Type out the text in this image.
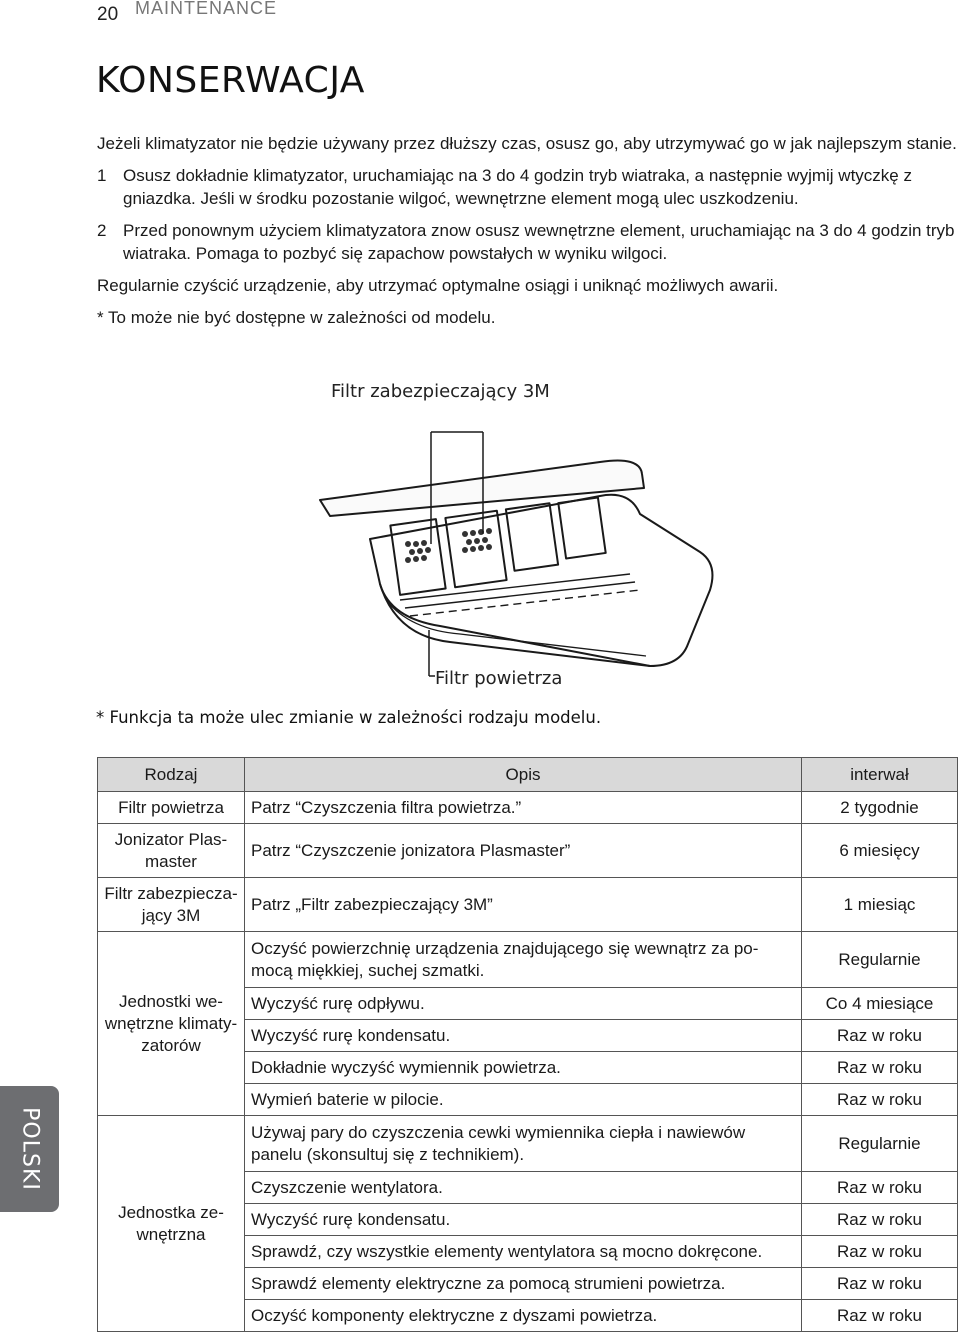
20 MAINTENANCE
KONSERWACJA

Jeżeli klimatyzator nie będzie używany przez dłuższy czas, osusz go, aby utrzymywać go w jak najlepszym stanie.

1 Osusz dokładnie klimatyzator, uruchamiając na 3 do 4 godzin tryb wiatraka, a następnie wyjmij wtyczkę z gniazdka. Jeśli w środku pozostanie wilgoć, wewnętrzne element mogą ulec uszkodzeniu.
2 Przed ponownym użyciem klimatyzatora znow osusz wewnętrzne element, uruchamiając na 3 do 4 godzin tryb wiatraka. Pomaga to pozbyć się zapachow powstałych w wyniku wilgoci.

Regularnie czyścić urządzenie, aby utrzymać optymalne osiągi i uniknąć możliwych awarii.

* To może nie być dostępne w zależności od modelu.

Filtr zabezpieczający 3M
Filtr powietrza
* Funkcja ta może ulec zmianie w zależności rodzaju modelu.
Rodzaj	Opis	interwał
Filtr powietrza	Patrz “Czyszczenia filtra powietrza.”	2 tygodnie
Jonizator Plas-master	Patrz “Czyszczenie jonizatora Plasmaster”	6 miesięcy
Filtr zabezpiecza-jący 3M	Patrz „Filtr zabezpieczający 3M”	1 miesiąc
Jednostki we-wnętrzne klimaty-zatorów	Oczyść powierzchnię urządzenia znajdującego się wewnątrz za po-mocą miękkiej, suchej szmatki.	Regularnie
	Wyczyść rurę odpływu.	Co 4 miesiące
	Wyczyść rurę kondensatu.	Raz w roku
	Dokładnie wyczyść wymiennik powietrza.	Raz w roku
	Wymień baterie w pilocie.	Raz w roku
Jednostka ze-wnętrzna	Używaj pary do czyszczenia cewki wymiennika ciepła i nawiewów panelu (skonsultuj się z technikiem).	Regularnie
	Czyszczenie wentylatora.	Raz w roku
	Wyczyść rurę kondensatu.	Raz w roku
	Sprawdź, czy wszystkie elementy wentylatora są mocno dokręcone.	Raz w roku
	Sprawdź elementy elektryczne za pomocą strumieni powietrza.	Raz w roku
	Oczyść komponenty elektryczne z dyszami powietrza.	Raz w roku
POLSKI
